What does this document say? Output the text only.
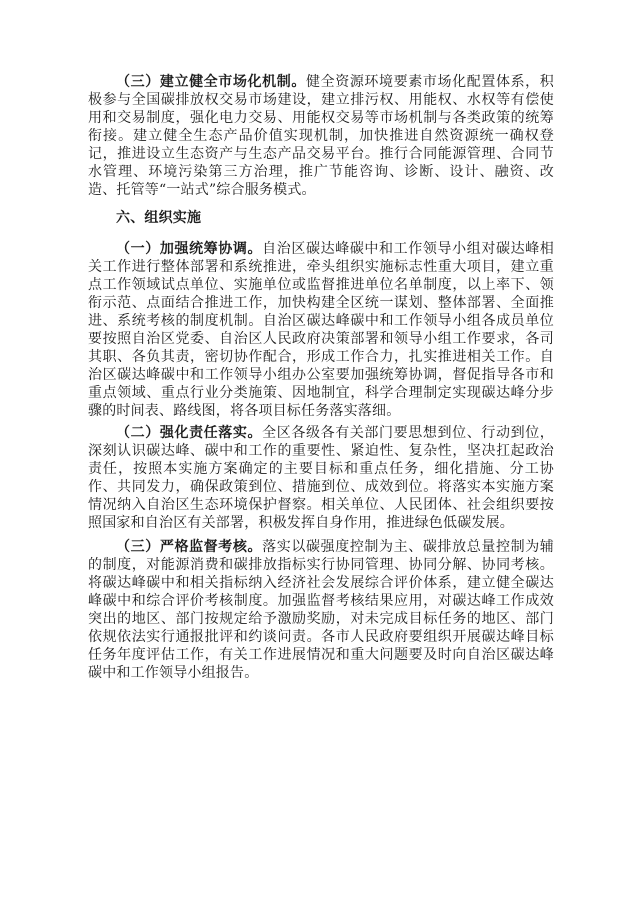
（三）建立健全市场化机制。健全资源环境要素市场化配置体系，积极参与全国碳排放权交易市场建设，建立排污权、用能权、水权等有偿使用和交易制度，强化电力交易、用能权交易等市场机制与各类政策的统筹衔接。建立健全生态产品价值实现机制，加快推进自然资源统一确权登记，推进设立生态资产与生态产品交易平台。推行合同能源管理、合同节水管理、环境污染第三方治理，推广节能咨询、诊断、设计、融资、改造、托管等“一站式”综合服务模式。

六、组织实施

（一）加强统筹协调。自治区碳达峰碳中和工作领导小组对碳达峰相关工作进行整体部署和系统推进，牵头组织实施标志性重大项目，建立重点工作领域试点单位、实施单位或监督推进单位名单制度，以上率下、领衔示范、点面结合推进工作，加快构建全区统一谋划、整体部署、全面推进、系统考核的制度机制。自治区碳达峰碳中和工作领导小组各成员单位要按照自治区党委、自治区人民政府决策部署和领导小组工作要求，各司其职、各负其责，密切协作配合，形成工作合力，扎实推进相关工作。自治区碳达峰碳中和工作领导小组办公室要加强统筹协调，督促指导各市和重点领域、重点行业分类施策、因地制宜，科学合理制定实现碳达峰分步骤的时间表、路线图，将各项目标任务落实落细。

（二）强化责任落实。全区各级各有关部门要思想到位、行动到位，深刻认识碳达峰、碳中和工作的重要性、紧迫性、复杂性，坚决扛起政治责任，按照本实施方案确定的主要目标和重点任务，细化措施、分工协作、共同发力，确保政策到位、措施到位、成效到位。将落实本实施方案情况纳入自治区生态环境保护督察。相关单位、人民团体、社会组织要按照国家和自治区有关部署，积极发挥自身作用，推进绿色低碳发展。

（三）严格监督考核。落实以碳强度控制为主、碳排放总量控制为辅的制度，对能源消费和碳排放指标实行协同管理、协同分解、协同考核。将碳达峰碳中和相关指标纳入经济社会发展综合评价体系，建立健全碳达峰碳中和综合评价考核制度。加强监督考核结果应用，对碳达峰工作成效突出的地区、部门按规定给予激励奖励，对未完成目标任务的地区、部门依规依法实行通报批评和约谈问责。各市人民政府要组织开展碳达峰目标任务年度评估工作，有关工作进展情况和重大问题要及时向自治区碳达峰碳中和工作领导小组报告。
